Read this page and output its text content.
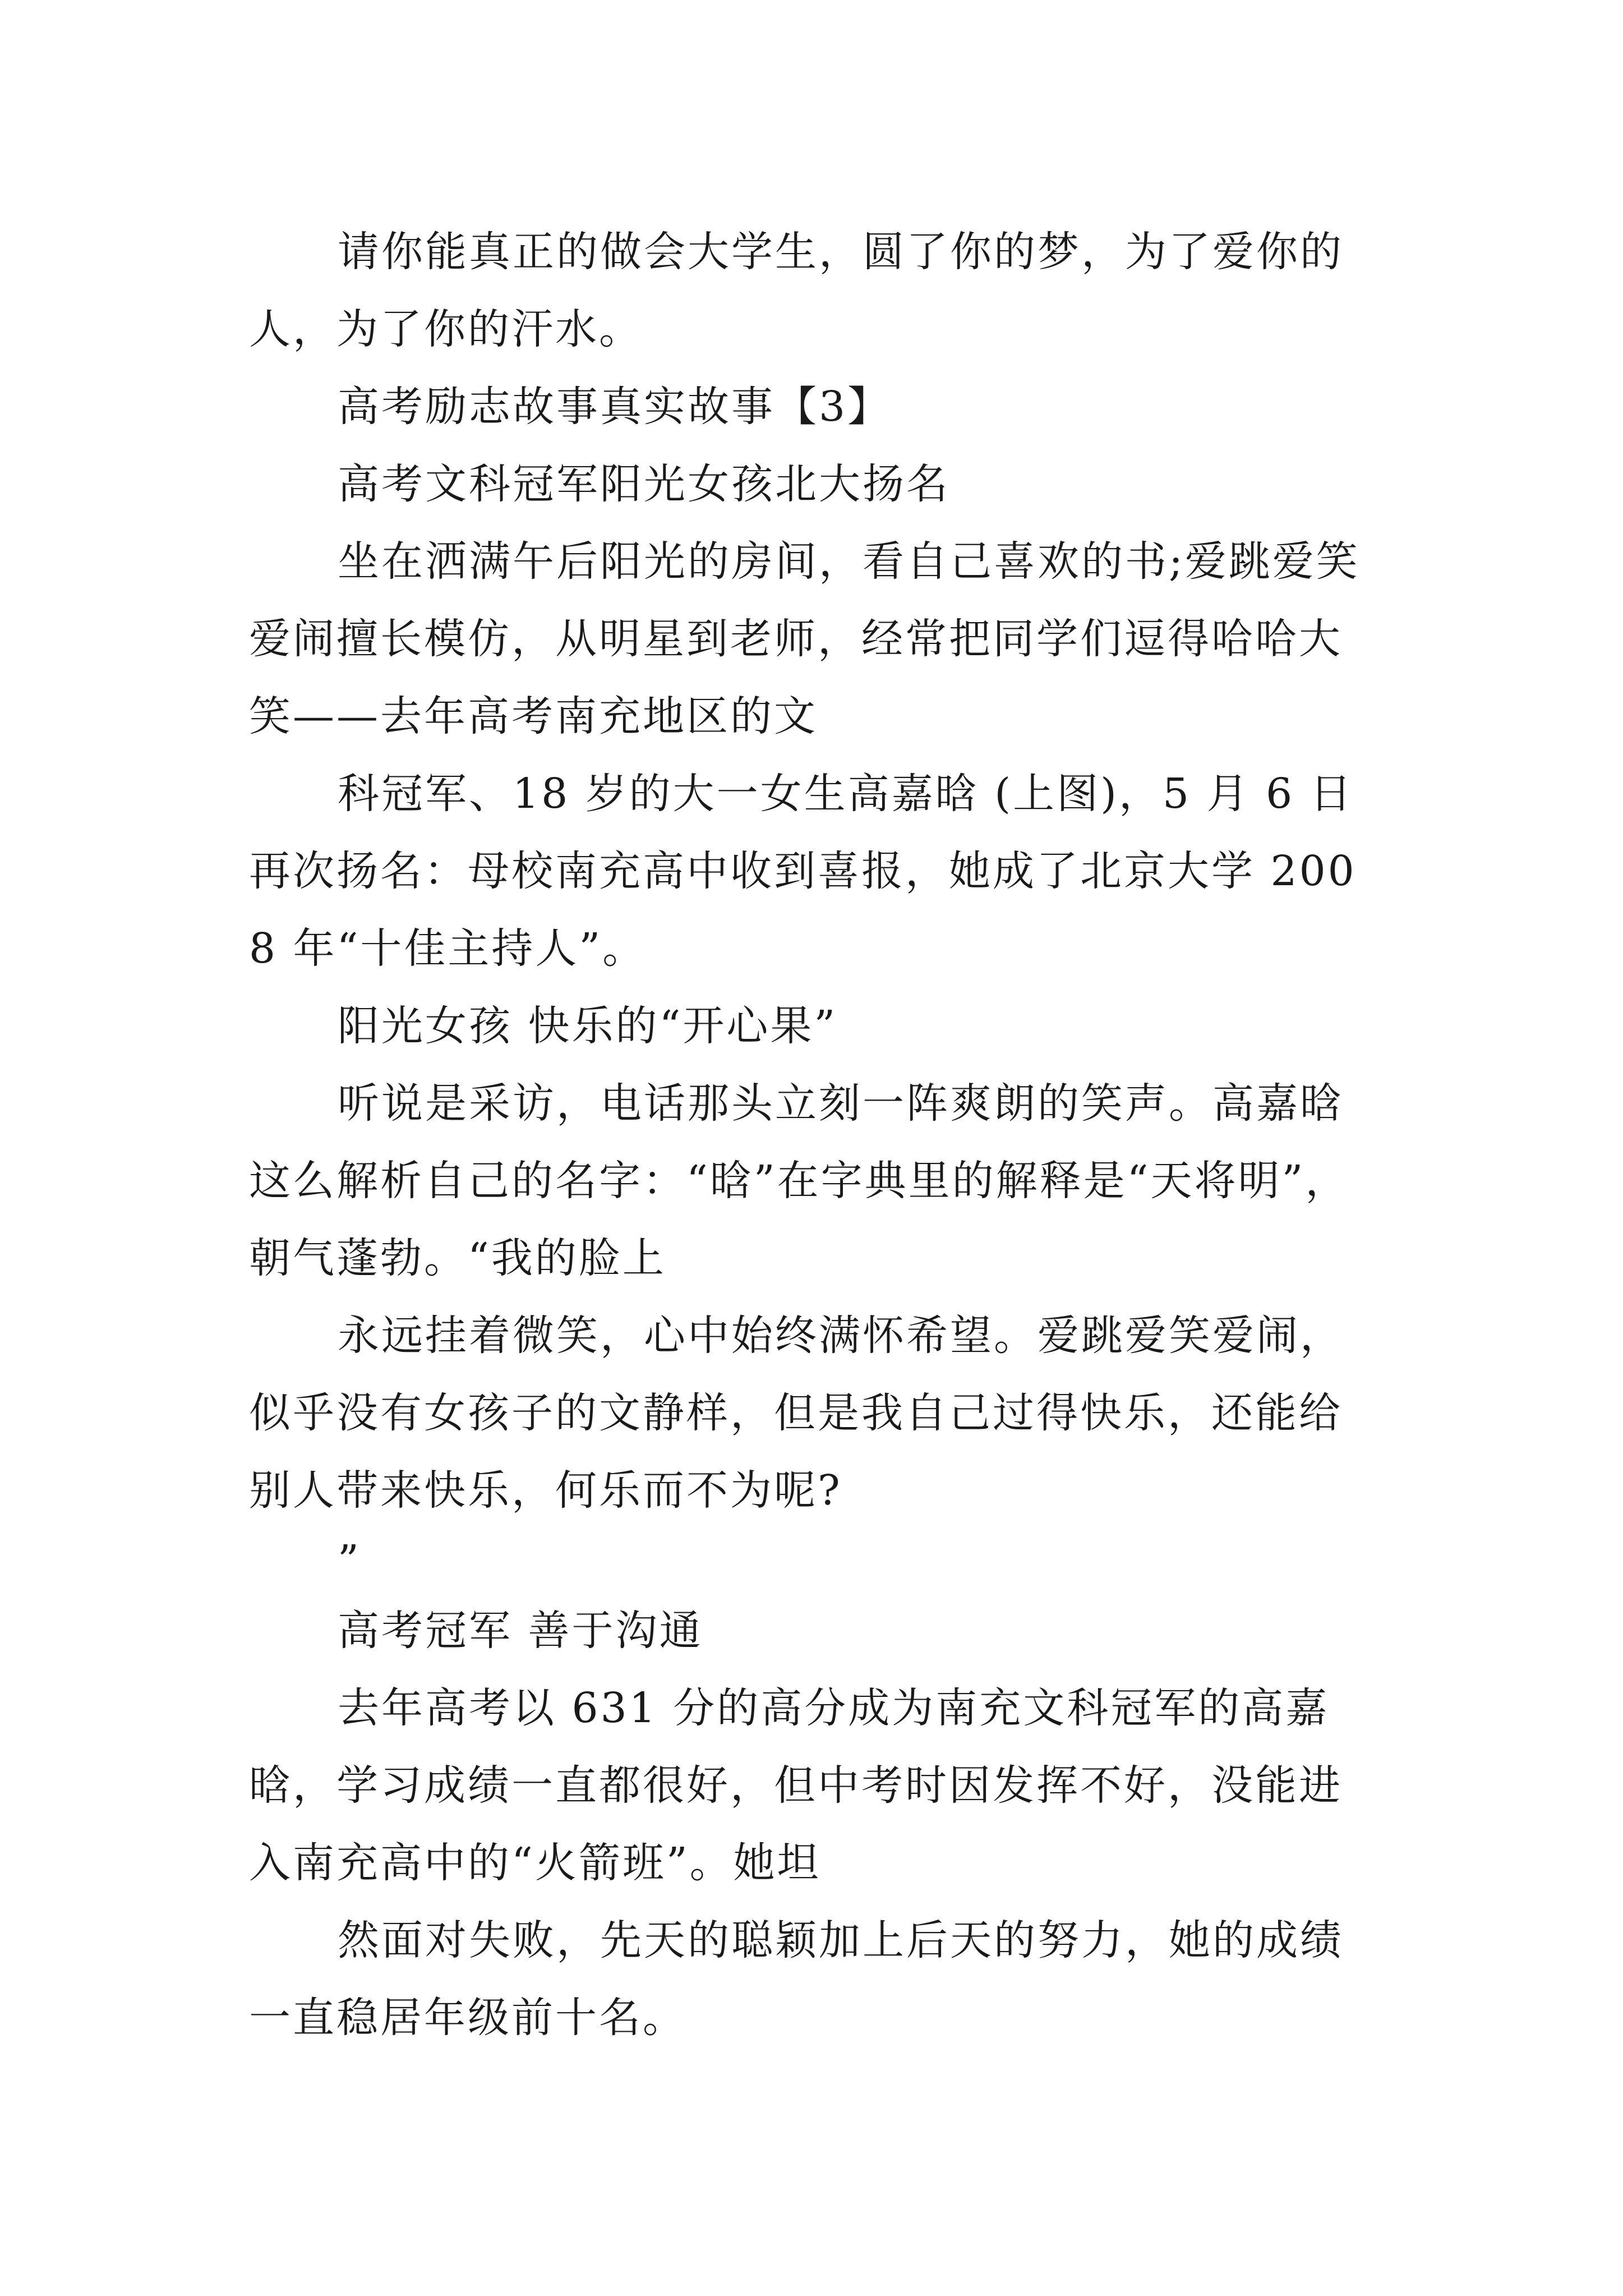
请你能真正的做会大学生，圆了你的梦，为了爱你的人，为了你的汗水。

高考励志故事真实故事【3】

高考文科冠军阳光女孩北大扬名

坐在洒满午后阳光的房间，看自己喜欢的书;爱跳爱笑爱闹擅长模仿，从明星到老师，经常把同学们逗得哈哈大笑——去年高考南充地区的文

科冠军、18 岁的大一女生高嘉晗 (上图)，5 月 6 日再次扬名：母校南充高中收到喜报，她成了北京大学 2008 年“十佳主持人”。

阳光女孩 快乐的“开心果”

听说是采访，电话那头立刻一阵爽朗的笑声。高嘉晗这么解析自己的名字：“晗”在字典里的解释是“天将明”，朝气蓬勃。“我的脸上

永远挂着微笑，心中始终满怀希望。爱跳爱笑爱闹，似乎没有女孩子的文静样，但是我自己过得快乐，还能给别人带来快乐，何乐而不为呢?

”

高考冠军 善于沟通

去年高考以 631 分的高分成为南充文科冠军的高嘉晗，学习成绩一直都很好，但中考时因发挥不好，没能进入南充高中的“火箭班”。她坦

然面对失败，先天的聪颖加上后天的努力，她的成绩一直稳居年级前十名。
